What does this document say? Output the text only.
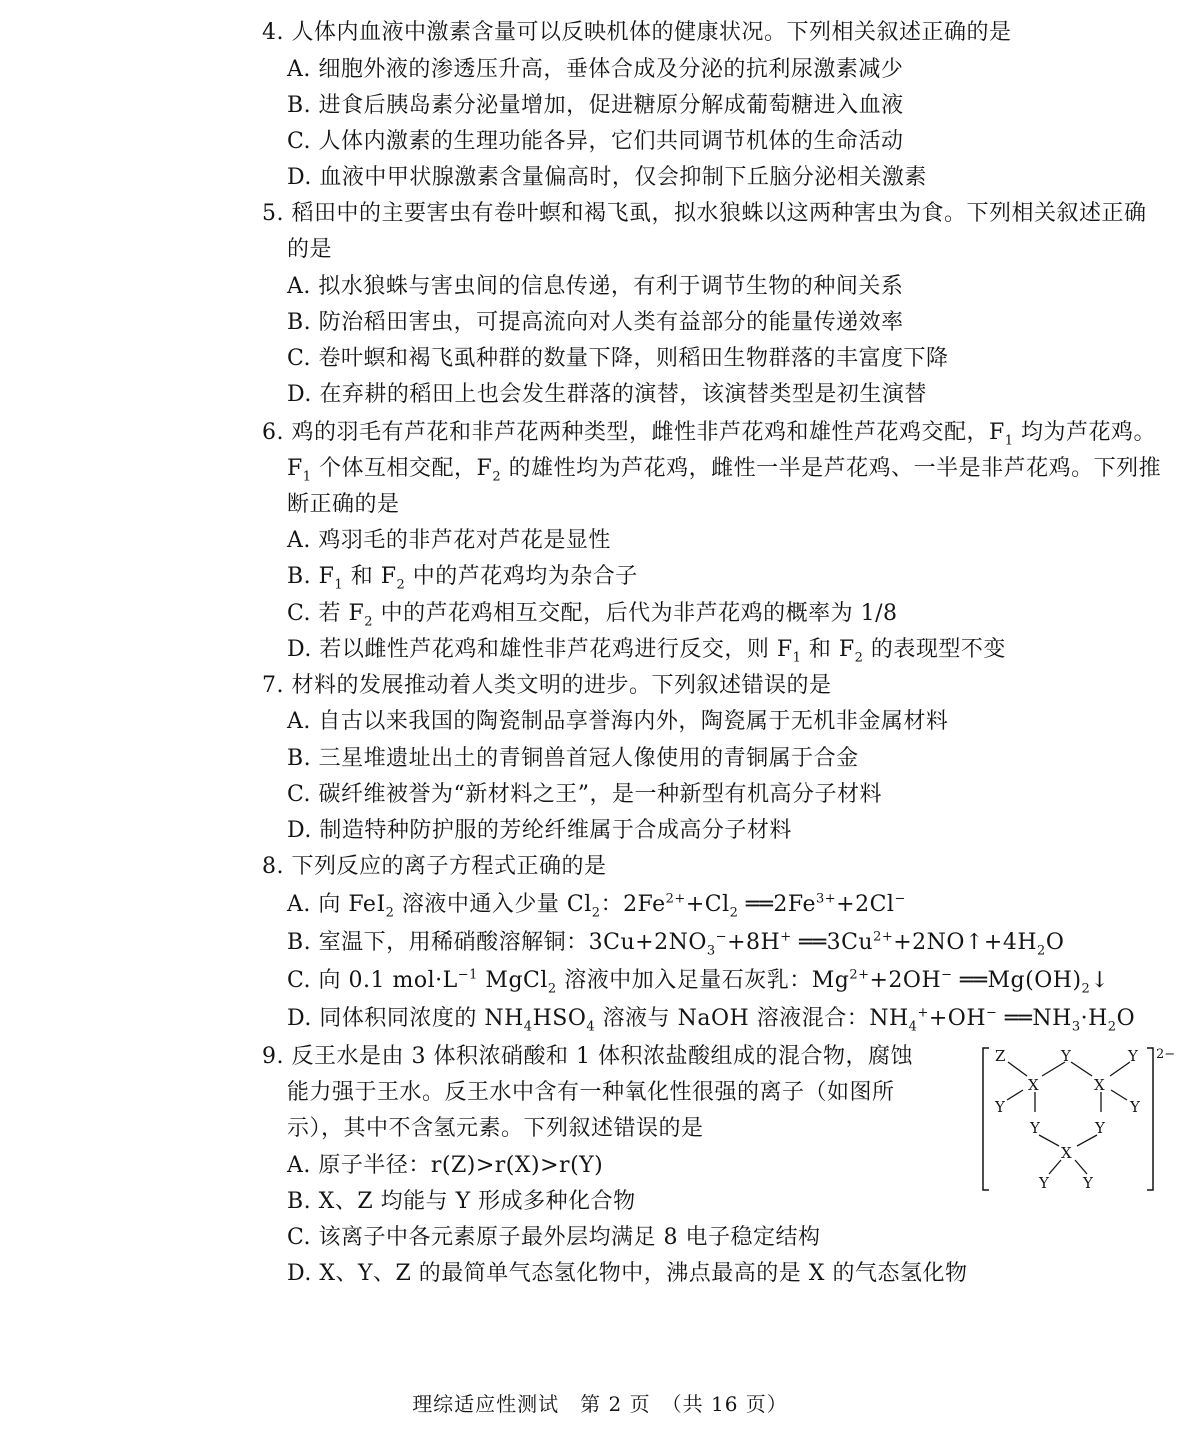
4. 人体内血液中激素含量可以反映机体的健康状况。下列相关叙述正确的是
A. 细胞外液的渗透压升高，垂体合成及分泌的抗利尿激素减少
B. 进食后胰岛素分泌量增加，促进糖原分解成葡萄糖进入血液
C. 人体内激素的生理功能各异，它们共同调节机体的生命活动
D. 血液中甲状腺激素含量偏高时，仅会抑制下丘脑分泌相关激素
5. 稻田中的主要害虫有卷叶螟和褐飞虱，拟水狼蛛以这两种害虫为食。下列相关叙述正确
的是
A. 拟水狼蛛与害虫间的信息传递，有利于调节生物的种间关系
B. 防治稻田害虫，可提高流向对人类有益部分的能量传递效率
C. 卷叶螟和褐飞虱种群的数量下降，则稻田生物群落的丰富度下降
D. 在弃耕的稻田上也会发生群落的演替，该演替类型是初生演替
6. 鸡的羽毛有芦花和非芦花两种类型，雌性非芦花鸡和雄性芦花鸡交配，$F_1$ 均为芦花鸡。
$F_1$ 个体互相交配，$F_2$ 的雄性均为芦花鸡，雌性一半是芦花鸡、一半是非芦花鸡。下列推
断正确的是
A. 鸡羽毛的非芦花对芦花是显性
B. $F_1$ 和 $F_2$ 中的芦花鸡均为杂合子
C. 若 $F_2$ 中的芦花鸡相互交配，后代为非芦花鸡的概率为 1/8
D. 若以雌性芦花鸡和雄性非芦花鸡进行反交，则 $F_1$ 和 $F_2$ 的表现型不变
7. 材料的发展推动着人类文明的进步。下列叙述错误的是
A. 自古以来我国的陶瓷制品享誉海内外，陶瓷属于无机非金属材料
B. 三星堆遗址出土的青铜兽首冠人像使用的青铜属于合金
C. 碳纤维被誉为“新材料之王”，是一种新型有机高分子材料
D. 制造特种防护服的芳纶纤维属于合成高分子材料
8. 下列反应的离子方程式正确的是
A. 向 FeI$_2$ 溶液中通入少量 $Cl_2$：$2Fe^{2+}+Cl_2$ $══2Fe^{3+}+2Cl^-$
B. 室温下，用稀硝酸溶解铜：$3Cu+2NO_3^-+8H^+$ $══3Cu^{2+}+2NO↑+4H_2O$
C. 向 0.1 $mol\cdot L^{-1}$ MgCl$_2$ 溶液中加入足量石灰乳：$Mg^{2+}+2OH^-$ $══Mg(OH)_2↓$
D. 同体积同浓度的 $NH_4HSO_4$ 溶液与 NaOH 溶液混合：$NH_4^++OH^-$ $══NH_3\cdot H_2O$
9. 反王水是由 3 体积浓硝酸和 1 体积浓盐酸组成的混合物，腐蚀
能力强于王水。反王水中含有一种氧化性很强的离子（如图所
示），其中不含氢元素。下列叙述错误的是
A. 原子半径：r(Z)>r(X)>r(Y)
B. X、Z 均能与 Y 形成多种化合物
C. 该离子中各元素原子最外层均满足 8 电子稳定结构
D. X、Y、Z 的最简单气态氢化物中，沸点最高的是 X 的气态氢化物
2−
Z	Y	Y
X	X
Y	Y
Y	Y
X
Y Y
理综适应性测试　第 2 页　（共 16 页）
